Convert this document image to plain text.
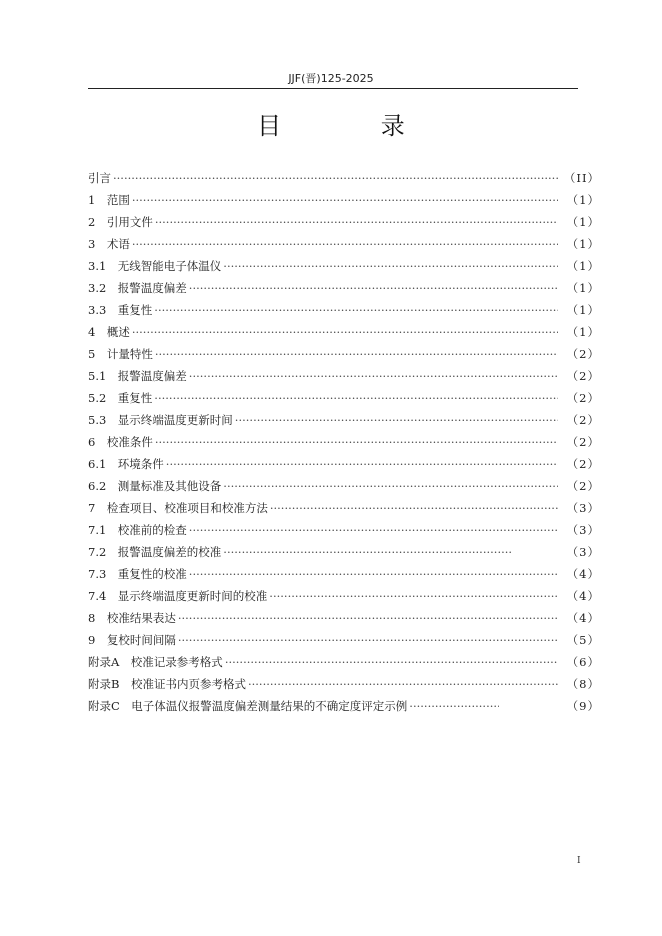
JJF(晋)125-2025
目 录
引言 ·····	（II）
1　范围 ·····	（1）
2　引用文件 ·····	（1）
3　术语 ·····	（1）
3.1　无线智能电子体温仪 ·····	（1）
3.2　报警温度偏差 ·····	（1）
3.3　重复性 ·····	（1）
4　概述 ·····	（1）
5　计量特性 ·····	（2）
5.1　报警温度偏差 ·····	（2）
5.2　重复性 ·····	（2）
5.3　显示终端温度更新时间 ·····	（2）
6　校准条件 ·····	（2）
6.1　环境条件 ·····	（2）
6.2　测量标准及其他设备 ·····	（2）
7　检查项目、校准项目和校准方法 ·····	（3）
7.1　校准前的检查 ·····	（3）
7.2　报警温度偏差的校准 ·····	（3）
7.3　重复性的校准 ·····	（4）
7.4　显示终端温度更新时间的校准 ·····	（4）
8　校准结果表达 ·····	（4）
9　复校时间间隔 ·····	（5）
附录A　校准记录参考格式 ·····	（6）
附录B　校准证书内页参考格式 ·····	（8）
附录C　电子体温仪报警温度偏差测量结果的不确定度评定示例 ·····	（9）
I
